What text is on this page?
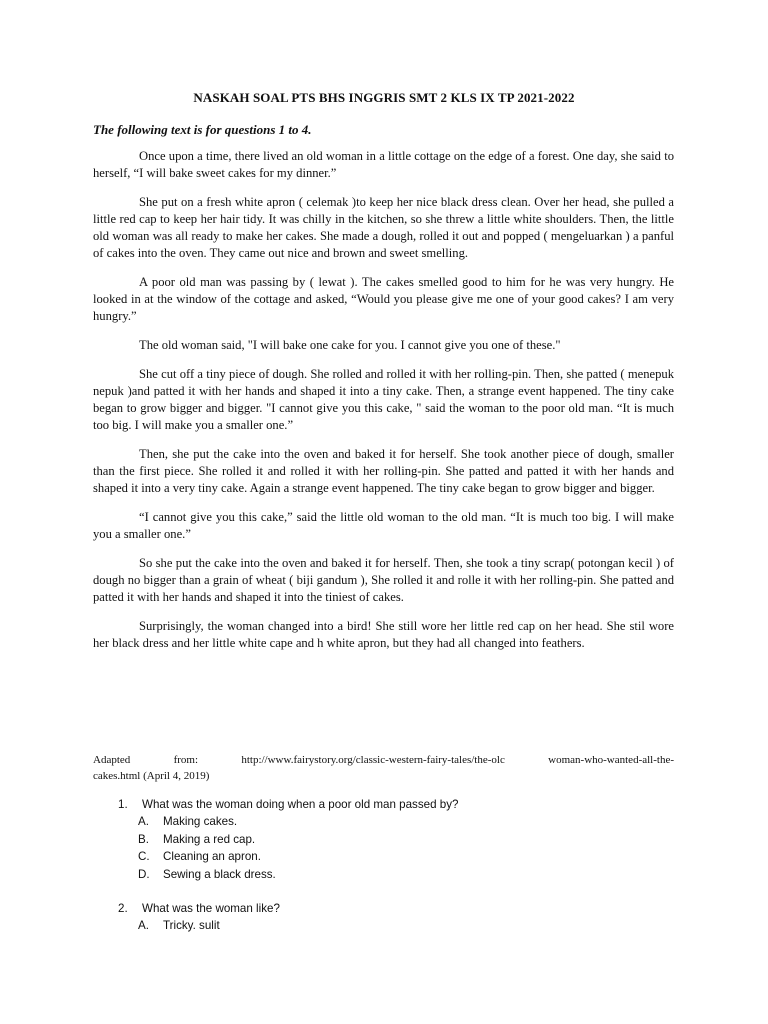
NASKAH SOAL PTS BHS INGGRIS SMT 2 KLS IX TP 2021-2022
The following text is for questions 1 to 4.

Once upon a time, there lived an old woman in a little cottage on the edge of a forest. One day, she said to herself, “I will bake sweet cakes for my dinner.”

She put on a fresh white apron ( celemak )to keep her nice black dress clean. Over her head, she pulled a little red cap to keep her hair tidy. It was chilly in the kitchen, so she threw a little white shoulders. Then, the little old woman was all ready to make her cakes. She made a dough, rolled it out and popped ( mengeluarkan ) a panful of cakes into the oven. They came out nice and brown and sweet smelling.

A poor old man was passing by ( lewat ). The cakes smelled good to him for he was very hungry. He looked in at the window of the cottage and asked, “Would you please give me one of your good cakes? I am very hungry.”

The old woman said, "I will bake one cake for you. I cannot give you one of these."

She cut off a tiny piece of dough. She rolled and rolled it with her rolling-pin. Then, she patted ( menepuk nepuk )and patted it with her hands and shaped it into a tiny cake. Then, a strange event happened. The tiny cake began to grow bigger and bigger. "I cannot give you this cake, " said the woman to the poor old man. “It is much too big. I will make you a smaller one.”

Then, she put the cake into the oven and baked it for herself. She took another piece of dough, smaller than the first piece. She rolled it and rolled it with her rolling-pin. She patted and patted it with her hands and shaped it into a very tiny cake. Again a strange event happened. The tiny cake began to grow bigger and bigger.

“I cannot give you this cake,” said the little old woman to the old man. “It is much too big. I will make you a smaller one.”

So she put the cake into the oven and baked it for herself. Then, she took a tiny scrap( potongan kecil ) of dough no bigger than a grain of wheat ( biji gandum ), She rolled it and rolle it with her rolling-pin. She patted and patted it with her hands and shaped it into the tiniest of cakes.

Surprisingly, the woman changed into a bird! She still wore her little red cap on her head. She stil wore her black dress and her little white cape and h white apron, but they had all changed into feathers.

Adapted from: http://www.fairystory.org/classic-western-fairy-tales/the-olc woman-who-wanted-all-the-
cakes.html (April 4, 2019)
1.	What was the woman doing when a poor old man passed by?
A.	Making cakes.
B.	Making a red cap.
C.	Cleaning an apron.
D.	Sewing a black dress.
2.	What was the woman like?
A.	Tricky. sulit
